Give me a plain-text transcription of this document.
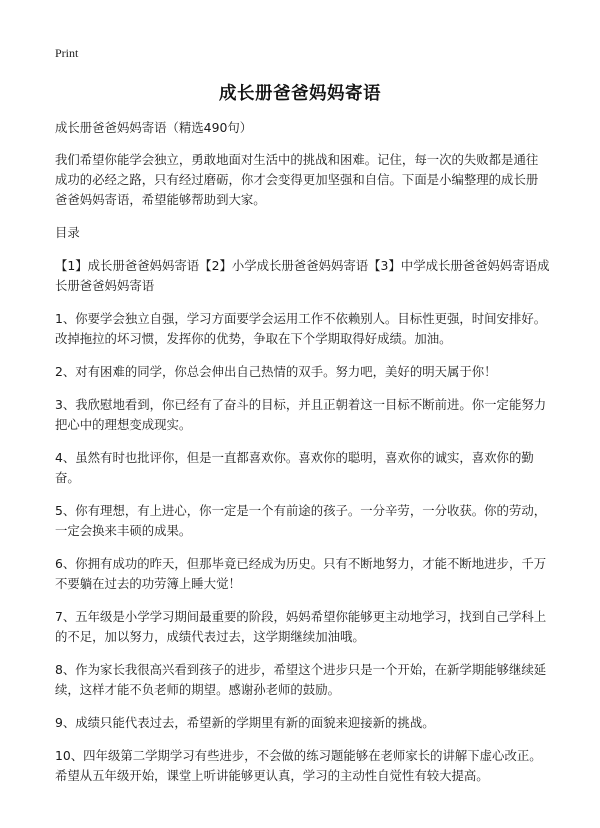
Print
成长册爸爸妈妈寄语

成长册爸爸妈妈寄语（精选490句）

我们希望你能学会独立，勇敢地面对生活中的挑战和困难。记住，每一次的失败都是通往成功的必经之路，只有经过磨砺，你才会变得更加坚强和自信。下面是小编整理的成长册爸爸妈妈寄语，希望能够帮助到大家。

目录

【1】成长册爸爸妈妈寄语【2】小学成长册爸爸妈妈寄语【3】中学成长册爸爸妈妈寄语成长册爸爸妈妈寄语

1、你要学会独立自强，学习方面要学会运用工作不依赖别人。目标性更强，时间安排好。改掉拖拉的坏习惯，发挥你的优势，争取在下个学期取得好成绩。加油。

2、对有困难的同学，你总会伸出自己热情的双手。努力吧，美好的明天属于你！

3、我欣慰地看到，你已经有了奋斗的目标，并且正朝着这一目标不断前进。你一定能努力把心中的理想变成现实。

4、虽然有时也批评你，但是一直都喜欢你。喜欢你的聪明，喜欢你的诚实，喜欢你的勤奋。

5、你有理想，有上进心，你一定是一个有前途的孩子。一分辛劳，一分收获。你的劳动，一定会换来丰硕的成果。

6、你拥有成功的昨天，但那毕竟已经成为历史。只有不断地努力，才能不断地进步，千万不要躺在过去的功劳簿上睡大觉！

7、五年级是小学学习期间最重要的阶段，妈妈希望你能够更主动地学习，找到自己学科上的不足，加以努力，成绩代表过去，这学期继续加油哦。

8、作为家长我很高兴看到孩子的进步，希望这个进步只是一个开始，在新学期能够继续延续，这样才能不负老师的期望。感谢孙老师的鼓励。

9、成绩只能代表过去，希望新的学期里有新的面貌来迎接新的挑战。

10、四年级第二学期学习有些进步，不会做的练习题能够在老师家长的讲解下虚心改正。希望从五年级开始，课堂上听讲能够更认真，学习的主动性自觉性有较大提高。
